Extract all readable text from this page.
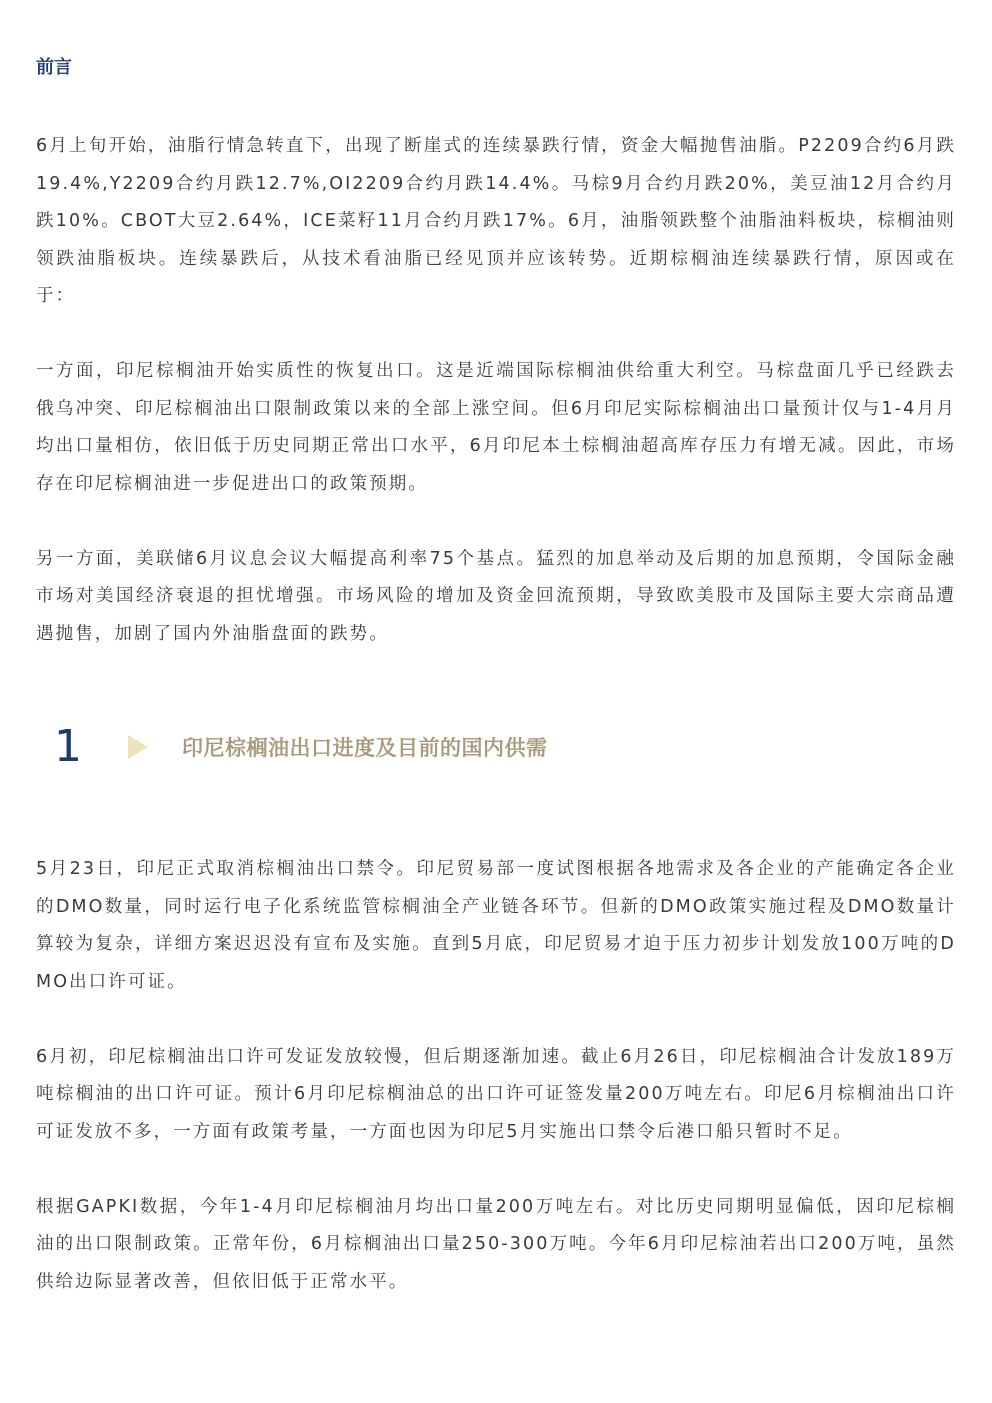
前言

6月上旬开始，油脂行情急转直下，出现了断崖式的连续暴跌行情，资金大幅抛售油脂。P2209合约6月跌19.4%,Y2209合约月跌12.7%,OI2209合约月跌14.4%。马棕9月合约月跌20%，美豆油12月合约月跌10%。CBOT大豆2.64%，ICE菜籽11月合约月跌17%。6月，油脂领跌整个油脂油料板块，棕榈油则领跌油脂板块。连续暴跌后，从技术看油脂已经见顶并应该转势。近期棕榈油连续暴跌行情，原因或在于：

一方面，印尼棕榈油开始实质性的恢复出口。这是近端国际棕榈油供给重大利空。马棕盘面几乎已经跌去俄乌冲突、印尼棕榈油出口限制政策以来的全部上涨空间。但6月印尼实际棕榈油出口量预计仅与1-4月月均出口量相仿，依旧低于历史同期正常出口水平，6月印尼本土棕榈油超高库存压力有增无减。因此，市场存在印尼棕榈油进一步促进出口的政策预期。

另一方面，美联储6月议息会议大幅提高利率75个基点。猛烈的加息举动及后期的加息预期，令国际金融市场对美国经济衰退的担忧增强。市场风险的增加及资金回流预期，导致欧美股市及国际主要大宗商品遭遇抛售，加剧了国内外油脂盘面的跌势。

1	印尼棕榈油出口进度及目前的国内供需

5月23日，印尼正式取消棕榈油出口禁令。印尼贸易部一度试图根据各地需求及各企业的产能确定各企业的DMO数量，同时运行电子化系统监管棕榈油全产业链各环节。但新的DMO政策实施过程及DMO数量计算较为复杂，详细方案迟迟没有宣布及实施。直到5月底，印尼贸易才迫于压力初步计划发放100万吨的DMO出口许可证。

6月初，印尼棕榈油出口许可发证发放较慢，但后期逐渐加速。截止6月26日，印尼棕榈油合计发放189万吨棕榈油的出口许可证。预计6月印尼棕榈油总的出口许可证签发量200万吨左右。印尼6月棕榈油出口许可证发放不多，一方面有政策考量，一方面也因为印尼5月实施出口禁令后港口船只暂时不足。

根据GAPKI数据，今年1-4月印尼棕榈油月均出口量200万吨左右。对比历史同期明显偏低，因印尼棕榈油的出口限制政策。正常年份，6月棕榈油出口量250-300万吨。今年6月印尼棕油若出口200万吨，虽然供给边际显著改善，但依旧低于正常水平。
